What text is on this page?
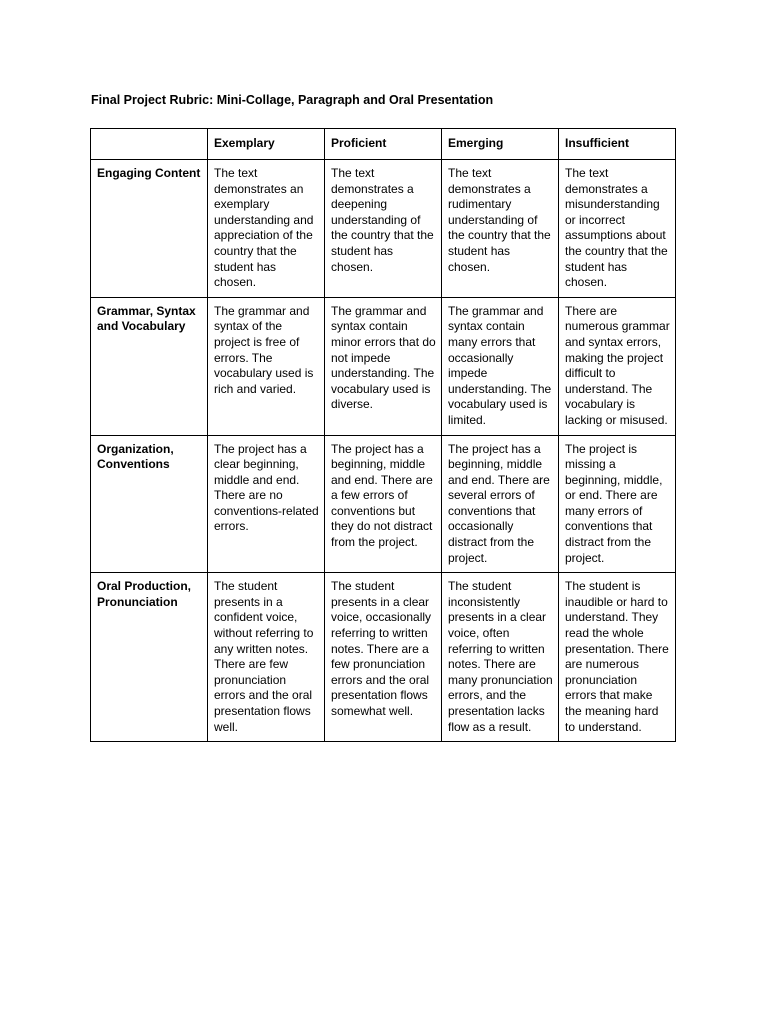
Final Project Rubric: Mini-Collage, Paragraph and Oral Presentation
	Exemplary	Proficient	Emerging	Insufficient
Engaging Content	The text demonstrates an exemplary understanding and appreciation of the country that the student has chosen.	The text demonstrates a deepening understanding of the country that the student has chosen.	The text demonstrates a rudimentary understanding of the country that the student has chosen.	The text demonstrates a misunderstanding or incorrect assumptions about the country that the student has chosen.
Grammar, Syntax and Vocabulary	The grammar and syntax of the project is free of errors. The vocabulary used is rich and varied.	The grammar and syntax contain minor errors that do not impede understanding. The vocabulary used is diverse.	The grammar and syntax contain many errors that occasionally impede understanding. The vocabulary used is limited.	There are numerous grammar and syntax errors, making the project difficult to understand. The vocabulary is lacking or misused.
Organization, Conventions	The project has a clear beginning, middle and end. There are no conventions-related errors.	The project has a beginning, middle and end. There are a few errors of conventions but they do not distract from the project.	The project has a beginning, middle and end. There are several errors of conventions that occasionally distract from the project.	The project is missing a beginning, middle, or end. There are many errors of conventions that distract from the project.
Oral Production, Pronunciation	The student presents in a confident voice, without referring to any written notes. There are few pronunciation errors and the oral presentation flows well.	The student presents in a clear voice, occasionally referring to written notes. There are a few pronunciation errors and the oral presentation flows somewhat well.	The student inconsistently presents in a clear voice, often referring to written notes. There are many pronunciation errors, and the presentation lacks flow as a result.	The student is inaudible or hard to understand. They read the whole presentation. There are numerous pronunciation errors that make the meaning hard to understand.
